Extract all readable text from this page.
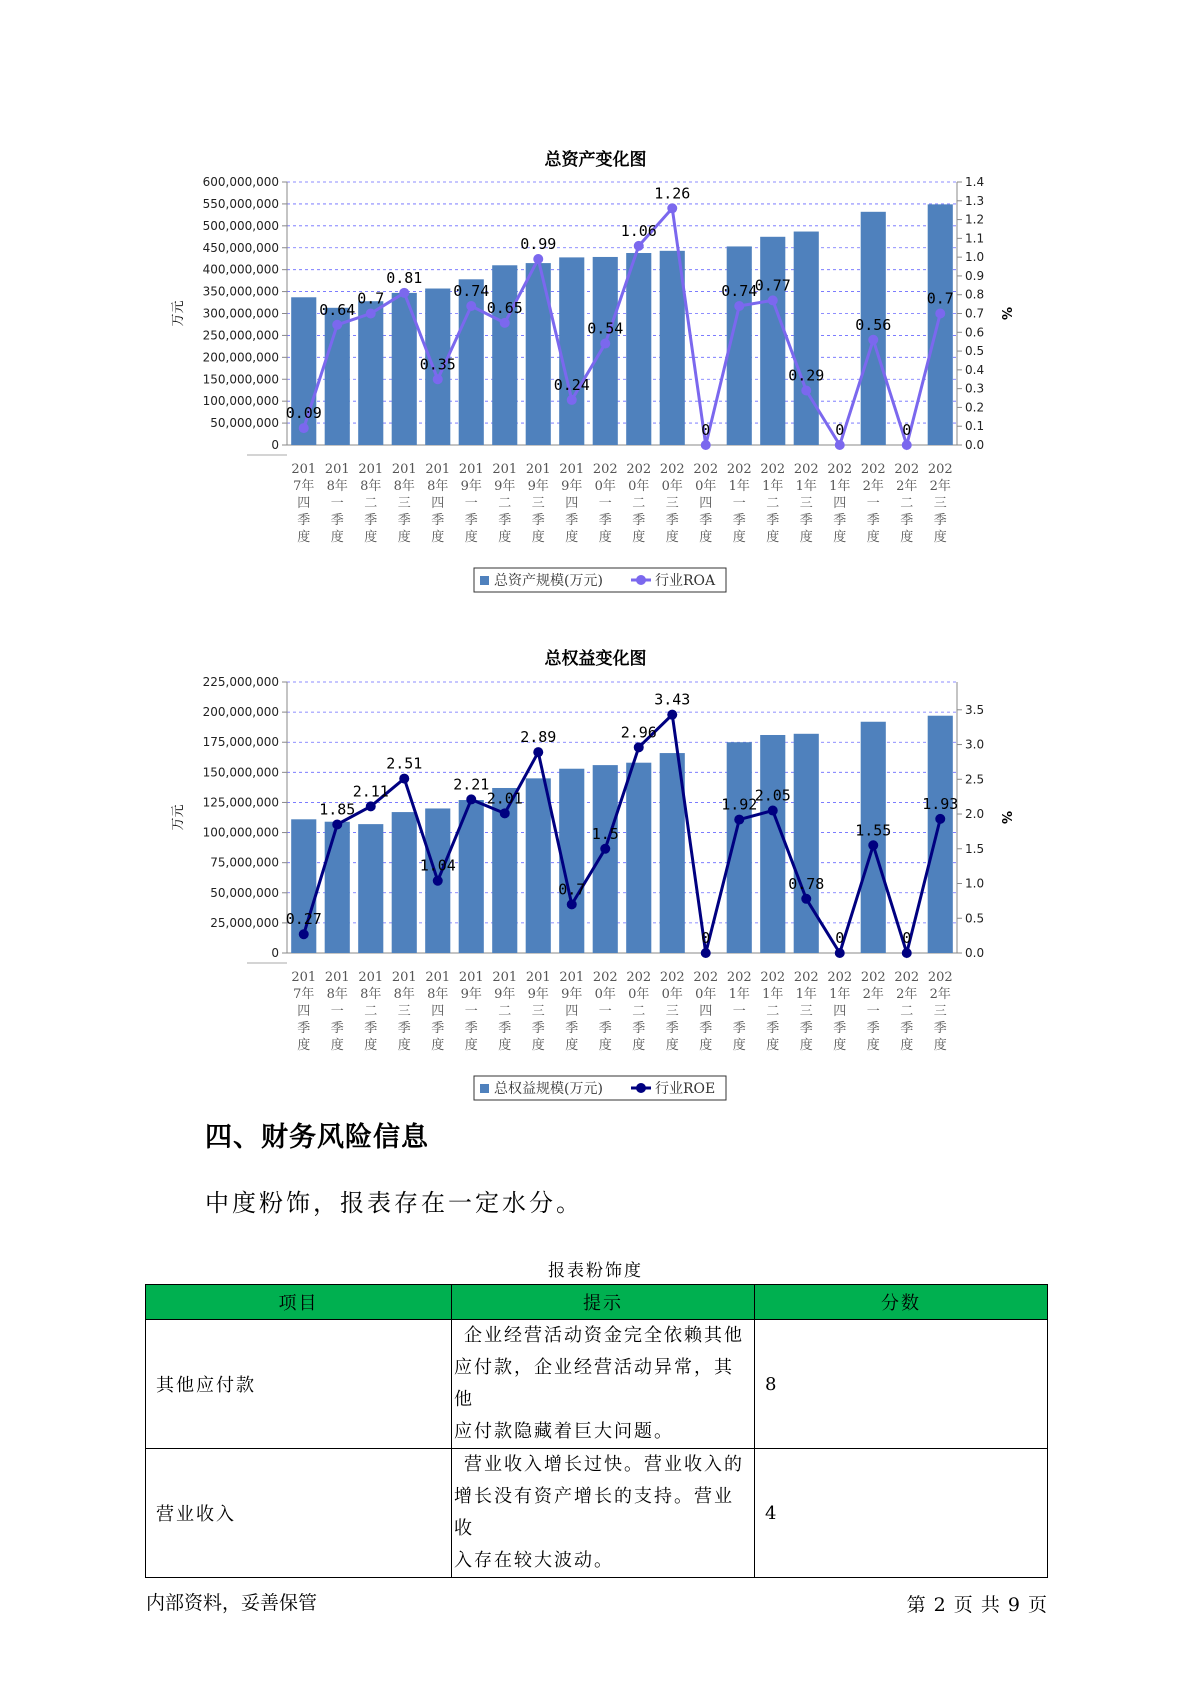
总资产变化图
0
50,000,000
100,000,000
150,000,000
200,000,000
250,000,000
300,000,000
350,000,000
400,000,000
450,000,000
500,000,000
550,000,000
600,000,000
0.0
0.1
0.2
0.3
0.4
0.5
0.6
0.7
0.8
0.9
1.0
1.1
1.2
1.3
1.4
万元	%
0.09
0.64
0.7
0.81
0.35
0.74
0.65
0.99
0.24
0.54
1.06
1.26
0
0.74
0.77
0.29
0
0.56
0
0.7
201
7年
四
季
度
201
8年
一
季
度
201
8年
二
季
度
201
8年
三
季
度
201
8年
四
季
度
201
9年
一
季
度
201
9年
二
季
度
201
9年
三
季
度
201
9年
四
季
度
202
0年
一
季
度
202
0年
二
季
度
202
0年
三
季
度
202
0年
四
季
度
202
1年
一
季
度
202
1年
二
季
度
202
1年
三
季
度
202
1年
四
季
度
202
2年
一
季
度
202
2年
二
季
度
202
2年
三
季
度
总资产规模(万元)	行业ROA
总权益变化图
0
25,000,000
50,000,000
75,000,000
100,000,000
125,000,000
150,000,000
175,000,000
200,000,000
225,000,000
0.0
0.5
1.0
1.5
2.0
2.5
3.0
3.5
万元	%
0.27
1.85
2.11
2.51
1.04
2.21
2.01
2.89
0.7
1.5
2.96
3.43
0
1.92
2.05
0.78
0
1.55
0
1.93
201
7年
四
季
度
201
8年
一
季
度
201
8年
二
季
度
201
8年
三
季
度
201
8年
四
季
度
201
9年
一
季
度
201
9年
二
季
度
201
9年
三
季
度
201
9年
四
季
度
202
0年
一
季
度
202
0年
二
季
度
202
0年
三
季
度
202
0年
四
季
度
202
1年
一
季
度
202
1年
二
季
度
202
1年
三
季
度
202
1年
四
季
度
202
2年
一
季
度
202
2年
二
季
度
202
2年
三
季
度
总权益规模(万元)	行业ROE
四、财务风险信息
中度粉饰，报表存在一定水分。
报表粉饰度
项目	提示	分数
其他应付款	企业经营活动资金完全依赖其他
应付款，企业经营活动异常，其他
应付款隐藏着巨大问题。	8
营业收入	营业收入增长过快。营业收入的
增长没有资产增长的支持。营业收
入存在较大波动。	4
内部资料，妥善保管	第 2 页 共 9 页
